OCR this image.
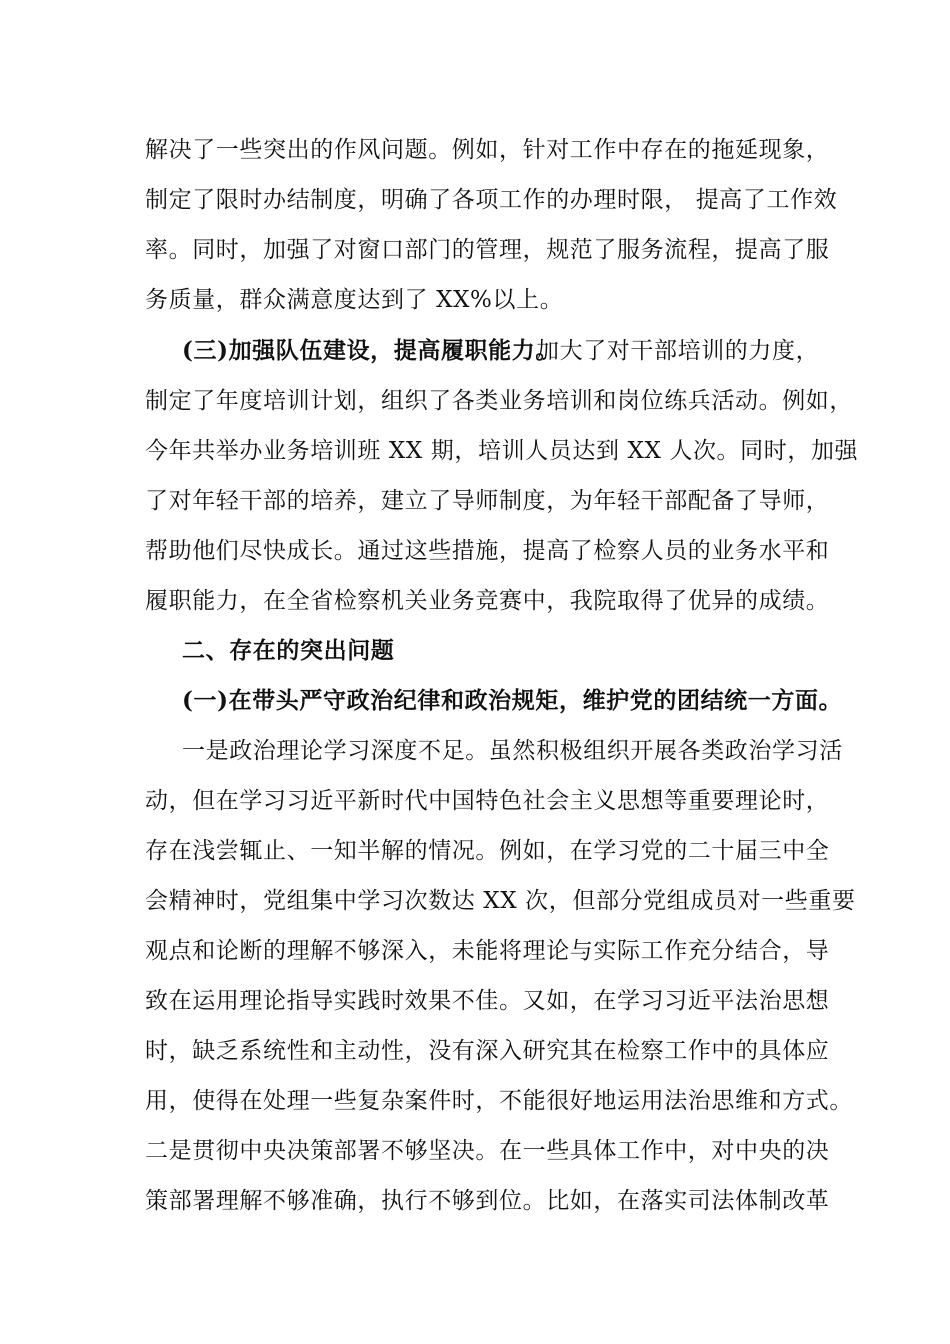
解决了一些突出的作风问题。例如，针对工作中存在的拖延现象，
制定了限时办结制度，明确了各项工作的办理时限， 提高了工作效
率。同时，加强了对窗口部门的管理，规范了服务流程，提高了服
务质量，群众满意度达到了 XX%以上。
(三)加强队伍建设，提高履职能力。
加大了对干部培训的力度，
制定了年度培训计划，组织了各类业务培训和岗位练兵活动。例如，
今年共举办业务培训班 XX 期，培训人员达到 XX 人次。同时，加强
了对年轻干部的培养，建立了导师制度，为年轻干部配备了导师，
帮助他们尽快成长。通过这些措施，提高了检察人员的业务水平和
履职能力，在全省检察机关业务竞赛中，我院取得了优异的成绩。
二、存在的突出问题
(一)在带头严守政治纪律和政治规矩，维护党的团结统一方面。
一是政治理论学习深度不足。虽然积极组织开展各类政治学习活
动，但在学习习近平新时代中国特色社会主义思想等重要理论时，
存在浅尝辄止、一知半解的情况。例如，在学习党的二十届三中全
会精神时，党组集中学习次数达 XX 次，但部分党组成员对一些重要
观点和论断的理解不够深入，未能将理论与实际工作充分结合，导
致在运用理论指导实践时效果不佳。又如，在学习习近平法治思想
时，缺乏系统性和主动性，没有深入研究其在检察工作中的具体应
用，使得在处理一些复杂案件时，不能很好地运用法治思维和方式。
二是贯彻中央决策部署不够坚决。在一些具体工作中，对中央的决
策部署理解不够准确，执行不够到位。比如，在落实司法体制改革
